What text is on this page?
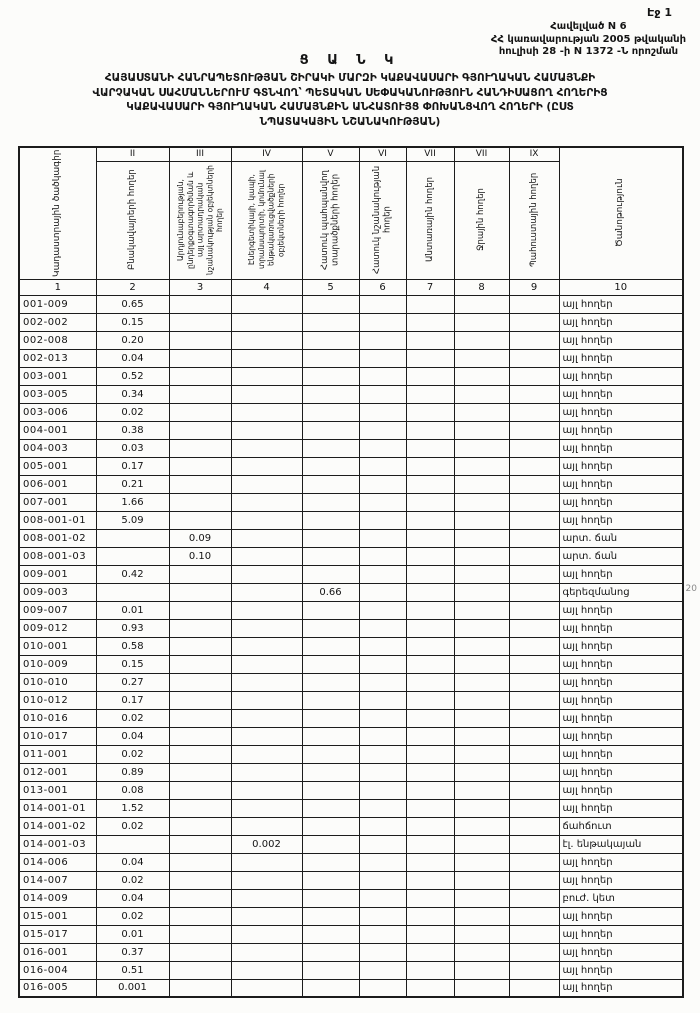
Էջ 1
Հավելված N 6
ՀՀ կառավարության 2005 թվականի
հուլիսի 28 -ի N 1372 -Ն որոշման
Ց Ա Ն Կ
ՀԱՅԱՍՏԱՆԻ ՀԱՆՐԱՊԵՏՈՒԹՅԱՆ ՇԻՐԱԿԻ ՄԱՐԶԻ ԿԱՔԱՎԱՍԱՐԻ ԳՅՈՒՂԱԿԱՆ ՀԱՄԱՅՆՔԻ
ՎԱՐՉԱԿԱՆ ՍԱՀՄԱՆՆԵՐՈՒՄ ԳՏՆՎՈՂ՝ ՊԵՏԱԿԱՆ ՍԵՓԱԿԱՆՈՒԹՅՈՒՆ ՀԱՆԴԻՍԱՑՈՂ ՀՈՂԵՐԻՑ
ԿԱՔԱՎԱՍԱՐԻ ԳՅՈՒՂԱԿԱՆ ՀԱՄԱՅՆՔԻՆ ԱՆՀԱՏՈՒՅՑ ՓՈԽԱՆՑՎՈՂ ՀՈՂԵՐԻ (ԸՍՏ
ՆՊԱՏԱԿԱՅԻՆ ՆՇԱՆԱԿՈՒԹՅԱՆ)
Կադաստրային ծածկագիր	II	III	IV	V	VI	VII	VII	IX	Ծանոթություն

	Բնակավայրերի հողեր	Արդյունաբերության, ընդերքօգտագործման և այլ արտադրական նշանակության օբյեկտների հողեր	Էներգետիկայի, կապի, տրանսպորտի, կոմունալ ենթակառուցվածքների օբյեկտների հողեր	Հատուկ պահպանվող տարածքների հողեր	Հատուկ նշանակության հողեր	Անտառային հողեր	Ջրային հողեր	Պահուստային հողեր	

1	2	3	4	5	6	7	8	9	10
001-009	0.65								այլ հողեր
002-002	0.15								այլ հողեր
002-008	0.20								այլ հողեր
002-013	0.04								այլ հողեր
003-001	0.52								այլ հողեր
003-005	0.34								այլ հողեր
003-006	0.02								այլ հողեր
004-001	0.38								այլ հողեր
004-003	0.03								այլ հողեր
005-001	0.17								այլ հողեր
006-001	0.21								այլ հողեր
007-001	1.66								այլ հողեր
008-001-01	5.09								այլ հողեր
008-001-02		0.09							արտ. ճան
008-001-03		0.10							արտ. ճան
009-001	0.42								այլ հողեր
009-003				0.66					գերեզմանոց
009-007	0.01								այլ հողեր
009-012	0.93								այլ հողեր
010-001	0.58								այլ հողեր
010-009	0.15								այլ հողեր
010-010	0.27								այլ հողեր
010-012	0.17								այլ հողեր
010-016	0.02								այլ հողեր
010-017	0.04								այլ հողեր
011-001	0.02								այլ հողեր
012-001	0.89								այլ հողեր
013-001	0.08								այլ հողեր
014-001-01	1.52								այլ հողեր
014-001-02	0.02								ճահճուտ
014-001-03			0.002						էլ. ենթակայան
014-006	0.04								այլ հողեր
014-007	0.02								այլ հողեր
014-009	0.04								բուժ. կետ
015-001	0.02								այլ հողեր
015-017	0.01								այլ հողեր
016-001	0.37								այլ հողեր
016-004	0.51								այլ հողեր
016-005	0.001								այլ հողեր
20
